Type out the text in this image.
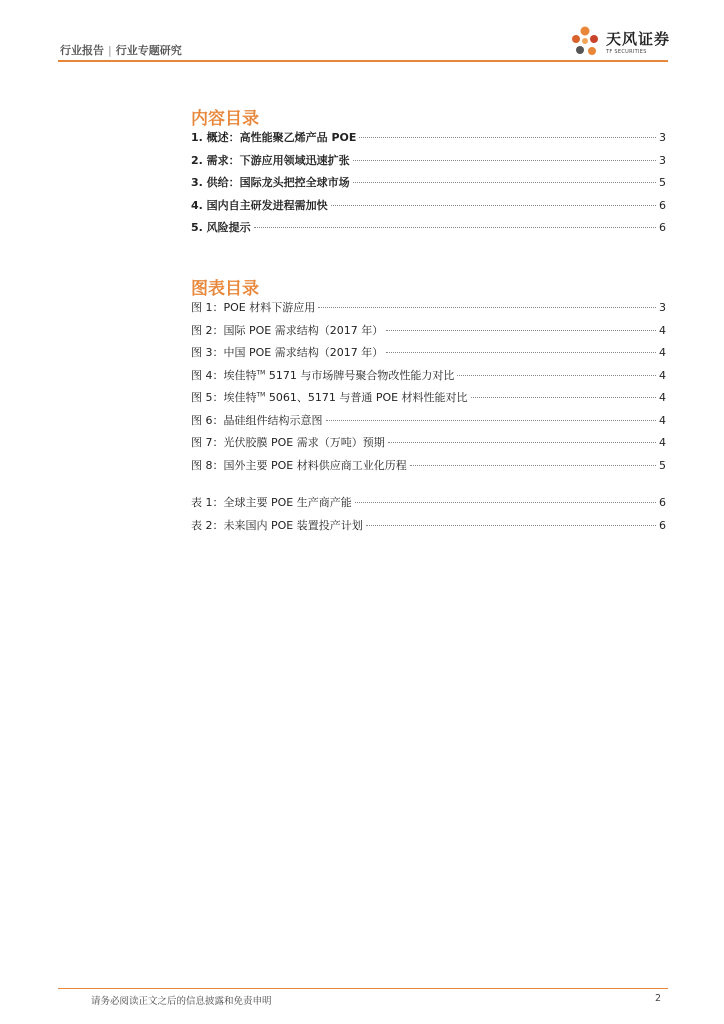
行业报告 | 行业专题研究
天风证券
TF SECURITIES
内容目录
1. 概述：高性能聚乙烯产品 POE	3
2. 需求：下游应用领域迅速扩张	3
3. 供给：国际龙头把控全球市场	5
4. 国内自主研发进程需加快	6
5. 风险提示	6
图表目录
图 1：POE 材料下游应用	3
图 2：国际 POE 需求结构（2017 年）	4
图 3：中国 POE 需求结构（2017 年）	4
图 4：埃佳特™ 5171 与市场牌号聚合物改性能力对比	4
图 5：埃佳特™ 5061、5171 与普通 POE 材料性能对比	4
图 6：晶硅组件结构示意图	4
图 7：光伏胶膜 POE 需求（万吨）预期	4
图 8：国外主要 POE 材料供应商工业化历程	5
表 1：全球主要 POE 生产商产能	6
表 2：未来国内 POE 装置投产计划	6
请务必阅读正文之后的信息披露和免责申明	2
